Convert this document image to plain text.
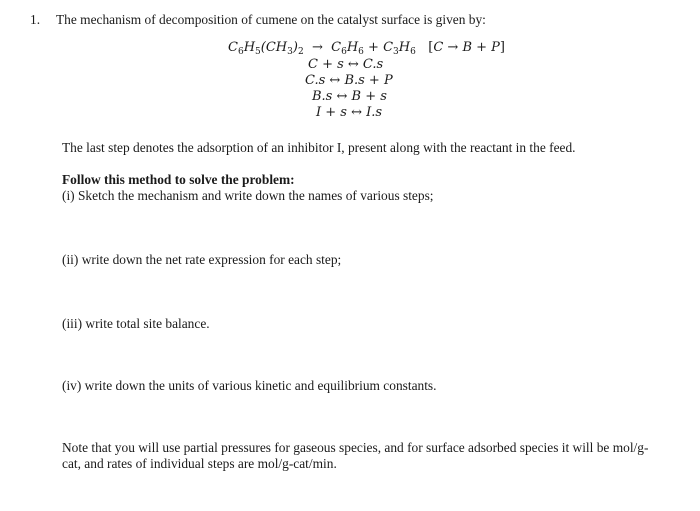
1. The mechanism of decomposition of cumene on the catalyst surface is given by:
$C_6H_5(CH_3)_2 \to C_6H_6 + C_3H_6$   [C → B + P]
C + s ↔ C.s
C.s ↔ B.s + P
B.s ↔ B + s
I + s ↔ I.s
The last step denotes the adsorption of an inhibitor I, present along with the reactant in the feed.
Follow this method to solve the problem:
(i) Sketch the mechanism and write down the names of various steps;
(ii) write down the net rate expression for each step;
(iii) write total site balance.
(iv) write down the units of various kinetic and equilibrium constants.
Note that you will use partial pressures for gaseous species, and for surface adsorbed species it will be mol/g-cat, and rates of individual steps are mol/g-cat/min.
